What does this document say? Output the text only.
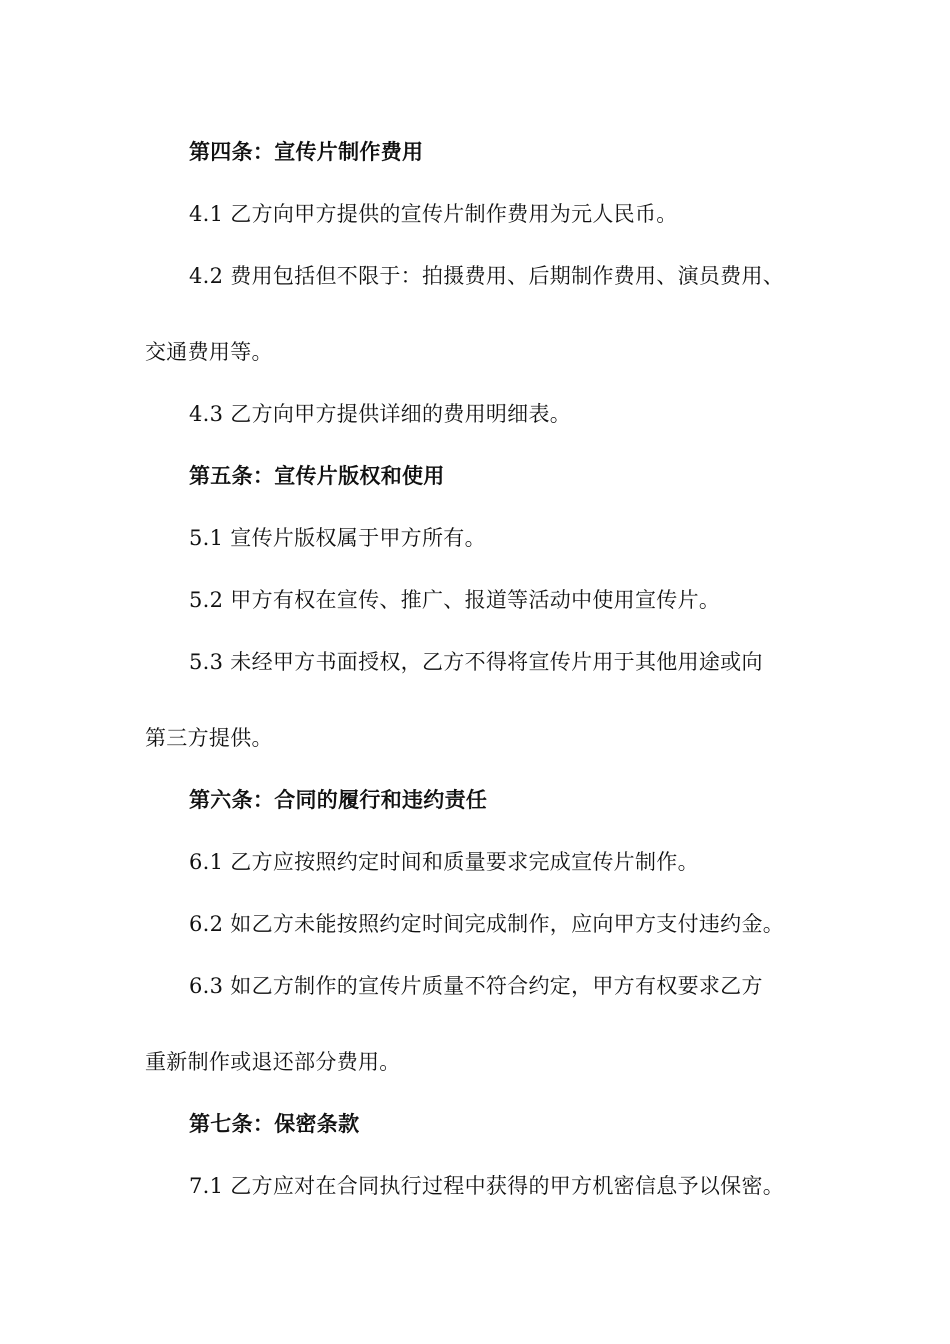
第四条：宣传片制作费用
4.1 乙方向甲方提供的宣传片制作费用为元人民币。
4.2 费用包括但不限于：拍摄费用、后期制作费用、演员费用、
交通费用等。
4.3 乙方向甲方提供详细的费用明细表。
第五条：宣传片版权和使用
5.1 宣传片版权属于甲方所有。
5.2 甲方有权在宣传、推广、报道等活动中使用宣传片。
5.3 未经甲方书面授权，乙方不得将宣传片用于其他用途或向
第三方提供。
第六条：合同的履行和违约责任
6.1 乙方应按照约定时间和质量要求完成宣传片制作。
6.2 如乙方未能按照约定时间完成制作，应向甲方支付违约金。
6.3 如乙方制作的宣传片质量不符合约定，甲方有权要求乙方
重新制作或退还部分费用。
第七条：保密条款
7.1 乙方应对在合同执行过程中获得的甲方机密信息予以保密。
